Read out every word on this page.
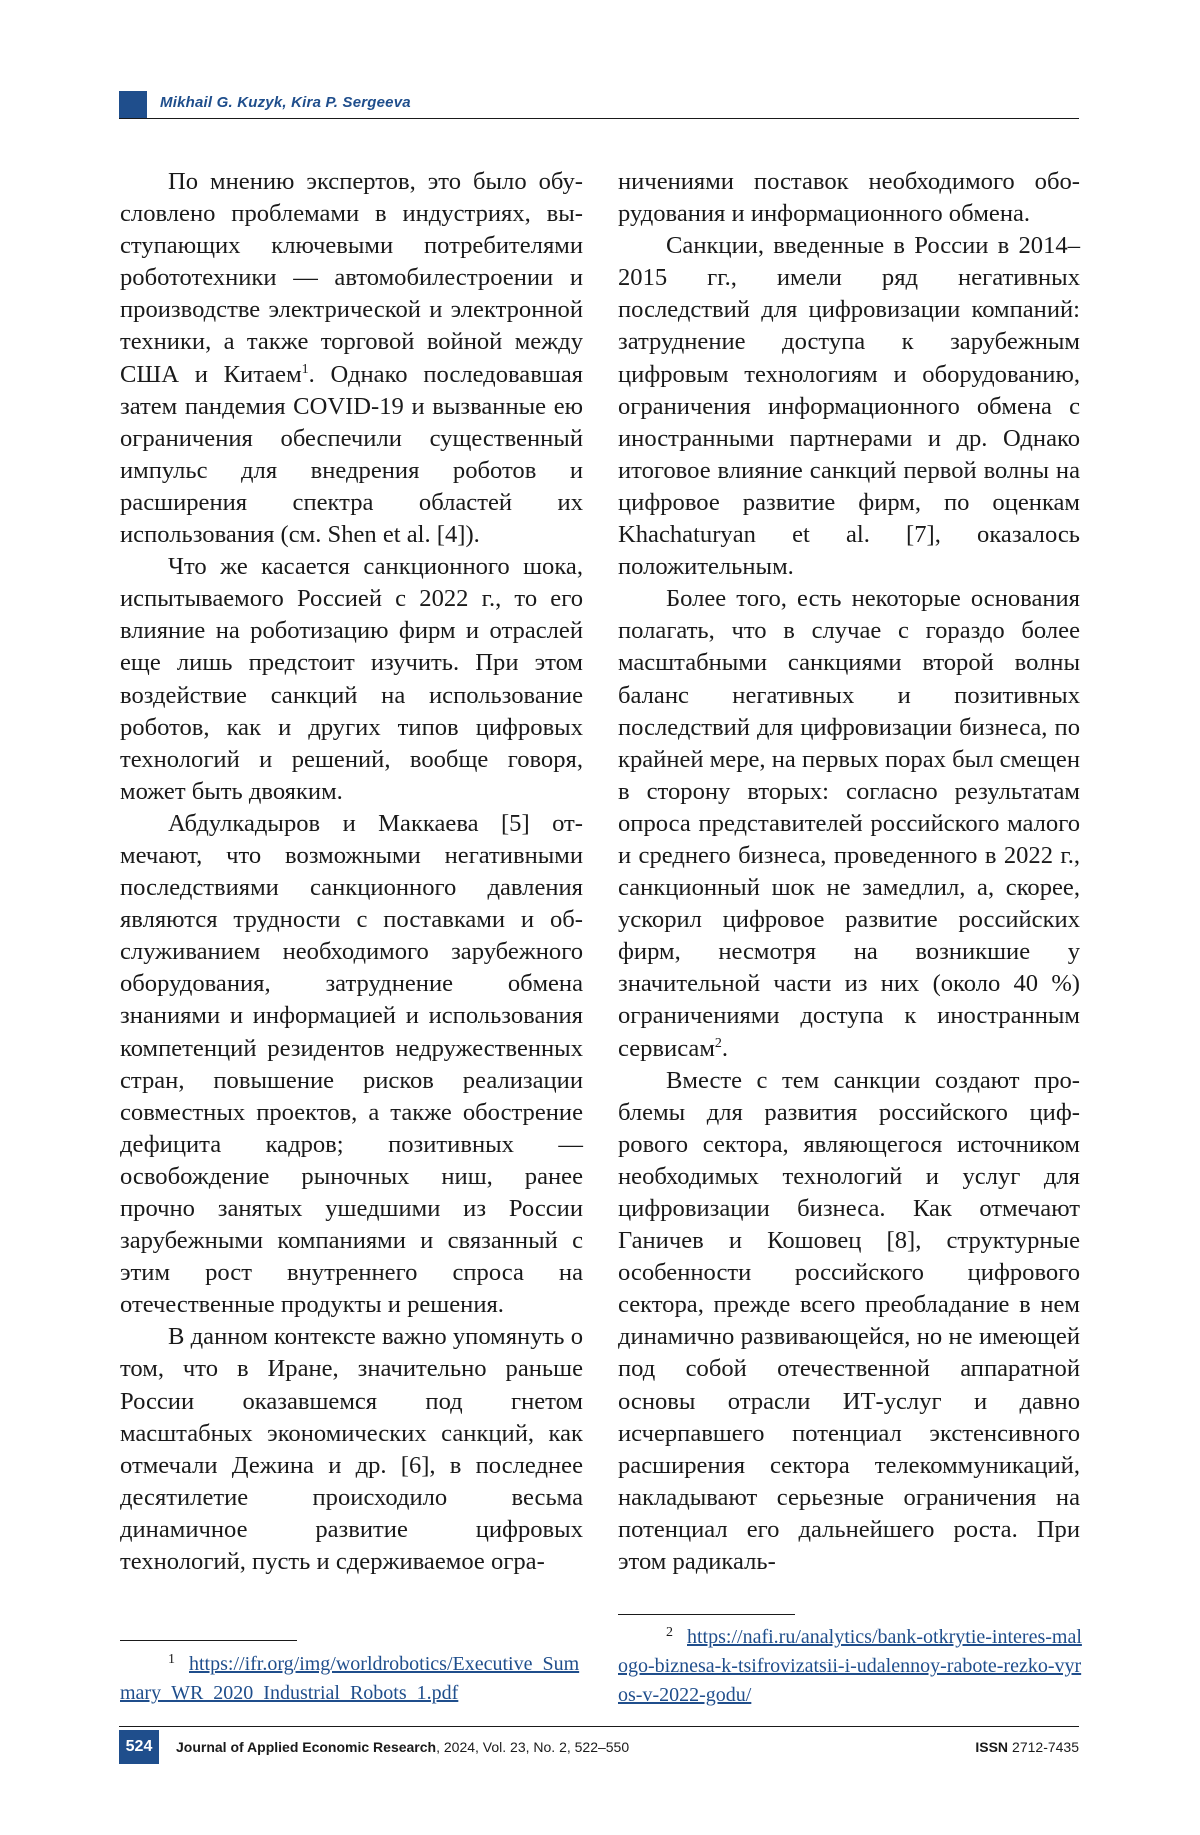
Mikhail G. Kuzyk, Kira P. Sergeeva

По мнению экспертов, это было обусловлено проблемами в индустриях, выступающих ключевыми потребителями робототехники — автомобилестроении и производстве электрической и электронной техники, а также торговой войной между США и Китаем$^1$. Однако последовавшая затем пандемия COVID-19 и вызванные ею ограничения обеспечили существенный импульс для внедрения роботов и расширения спектра областей их использования (см. Shen et al. [4]).

Что же касается санкционного шока, испытываемого Россией с 2022 г., то его влияние на роботизацию фирм и отраслей еще лишь предстоит изучить. При этом воздействие санкций на использование роботов, как и других типов цифровых технологий и решений, вообще говоря, может быть двояким.

Абдулкадыров и Маккаева [5] отмечают, что возможными негативными последствиями санкционного давления являются трудности с поставками и обслуживанием необходимого зарубежного оборудования, затруднение обмена знаниями и информацией и использования компетенций резидентов недружественных стран, повышение рисков реализации совместных проектов, а также обострение дефицита кадров; позитивных — освобождение рыночных ниш, ранее прочно занятых ушедшими из России зарубежными компаниями и связанный с этим рост внутреннего спроса на отечественные продукты и решения.

В данном контексте важно упомянуть о том, что в Иране, значительно раньше России оказавшемся под гнетом масштабных экономических санкций, как отмечали Дежина и др. [6], в последнее десятилетие происходило весьма динамичное развитие цифровых технологий, пусть и сдерживаемое огра-

ничениями поставок необходимого оборудования и информационного обмена.

Санкции, введенные в России в 2014–2015 гг., имели ряд негативных последствий для цифровизации компаний: затруднение доступа к зарубежным цифровым технологиям и оборудованию, ограничения информационного обмена с иностранными партнерами и др. Однако итоговое влияние санкций первой волны на цифровое развитие фирм, по оценкам Khachaturyan et al. [7], оказалось положительным.

Более того, есть некоторые основания полагать, что в случае с гораздо более масштабными санкциями второй волны баланс негативных и позитивных последствий для цифровизации бизнеса, по крайней мере, на первых порах был смещен в сторону вторых: согласно результатам опроса представителей российского малого и среднего бизнеса, проведенного в 2022 г., санкционный шок не замедлил, а, скорее, ускорил цифровое развитие российских фирм, несмотря на возникшие у значительной части из них (около 40 %) ограничениями доступа к иностранным сервисам$^2$.

Вместе с тем санкции создают проблемы для развития российского цифрового сектора, являющегося источником необходимых технологий и услуг для цифровизации бизнеса. Как отмечают Ганичев и Кошовец [8], структурные особенности российского цифрового сектора, прежде всего преобладание в нем динамично развивающейся, но не имеющей под собой отечественной аппаратной основы отрасли ИТ-услуг и давно исчерпавшего потенциал экстенсивного расширения сектора телекоммуникаций, накладывают серьезные ограничения на потенциал его дальнейшего роста. При этом радикаль-

$^1$ https://ifr.org/img/worldrobotics/Executive_Summary_WR_2020_Industrial_Robots_1.pdf
$^2$ https://nafi.ru/analytics/bank-otkrytie-interes-malogo-biznesa-k-tsifrovizatsii-i-udalennoy-rabote-rezko-vyros-v-2022-godu/
524	Journal of Applied Economic Research, 2024, Vol. 23, No. 2, 522–550	ISSN 2712-7435
